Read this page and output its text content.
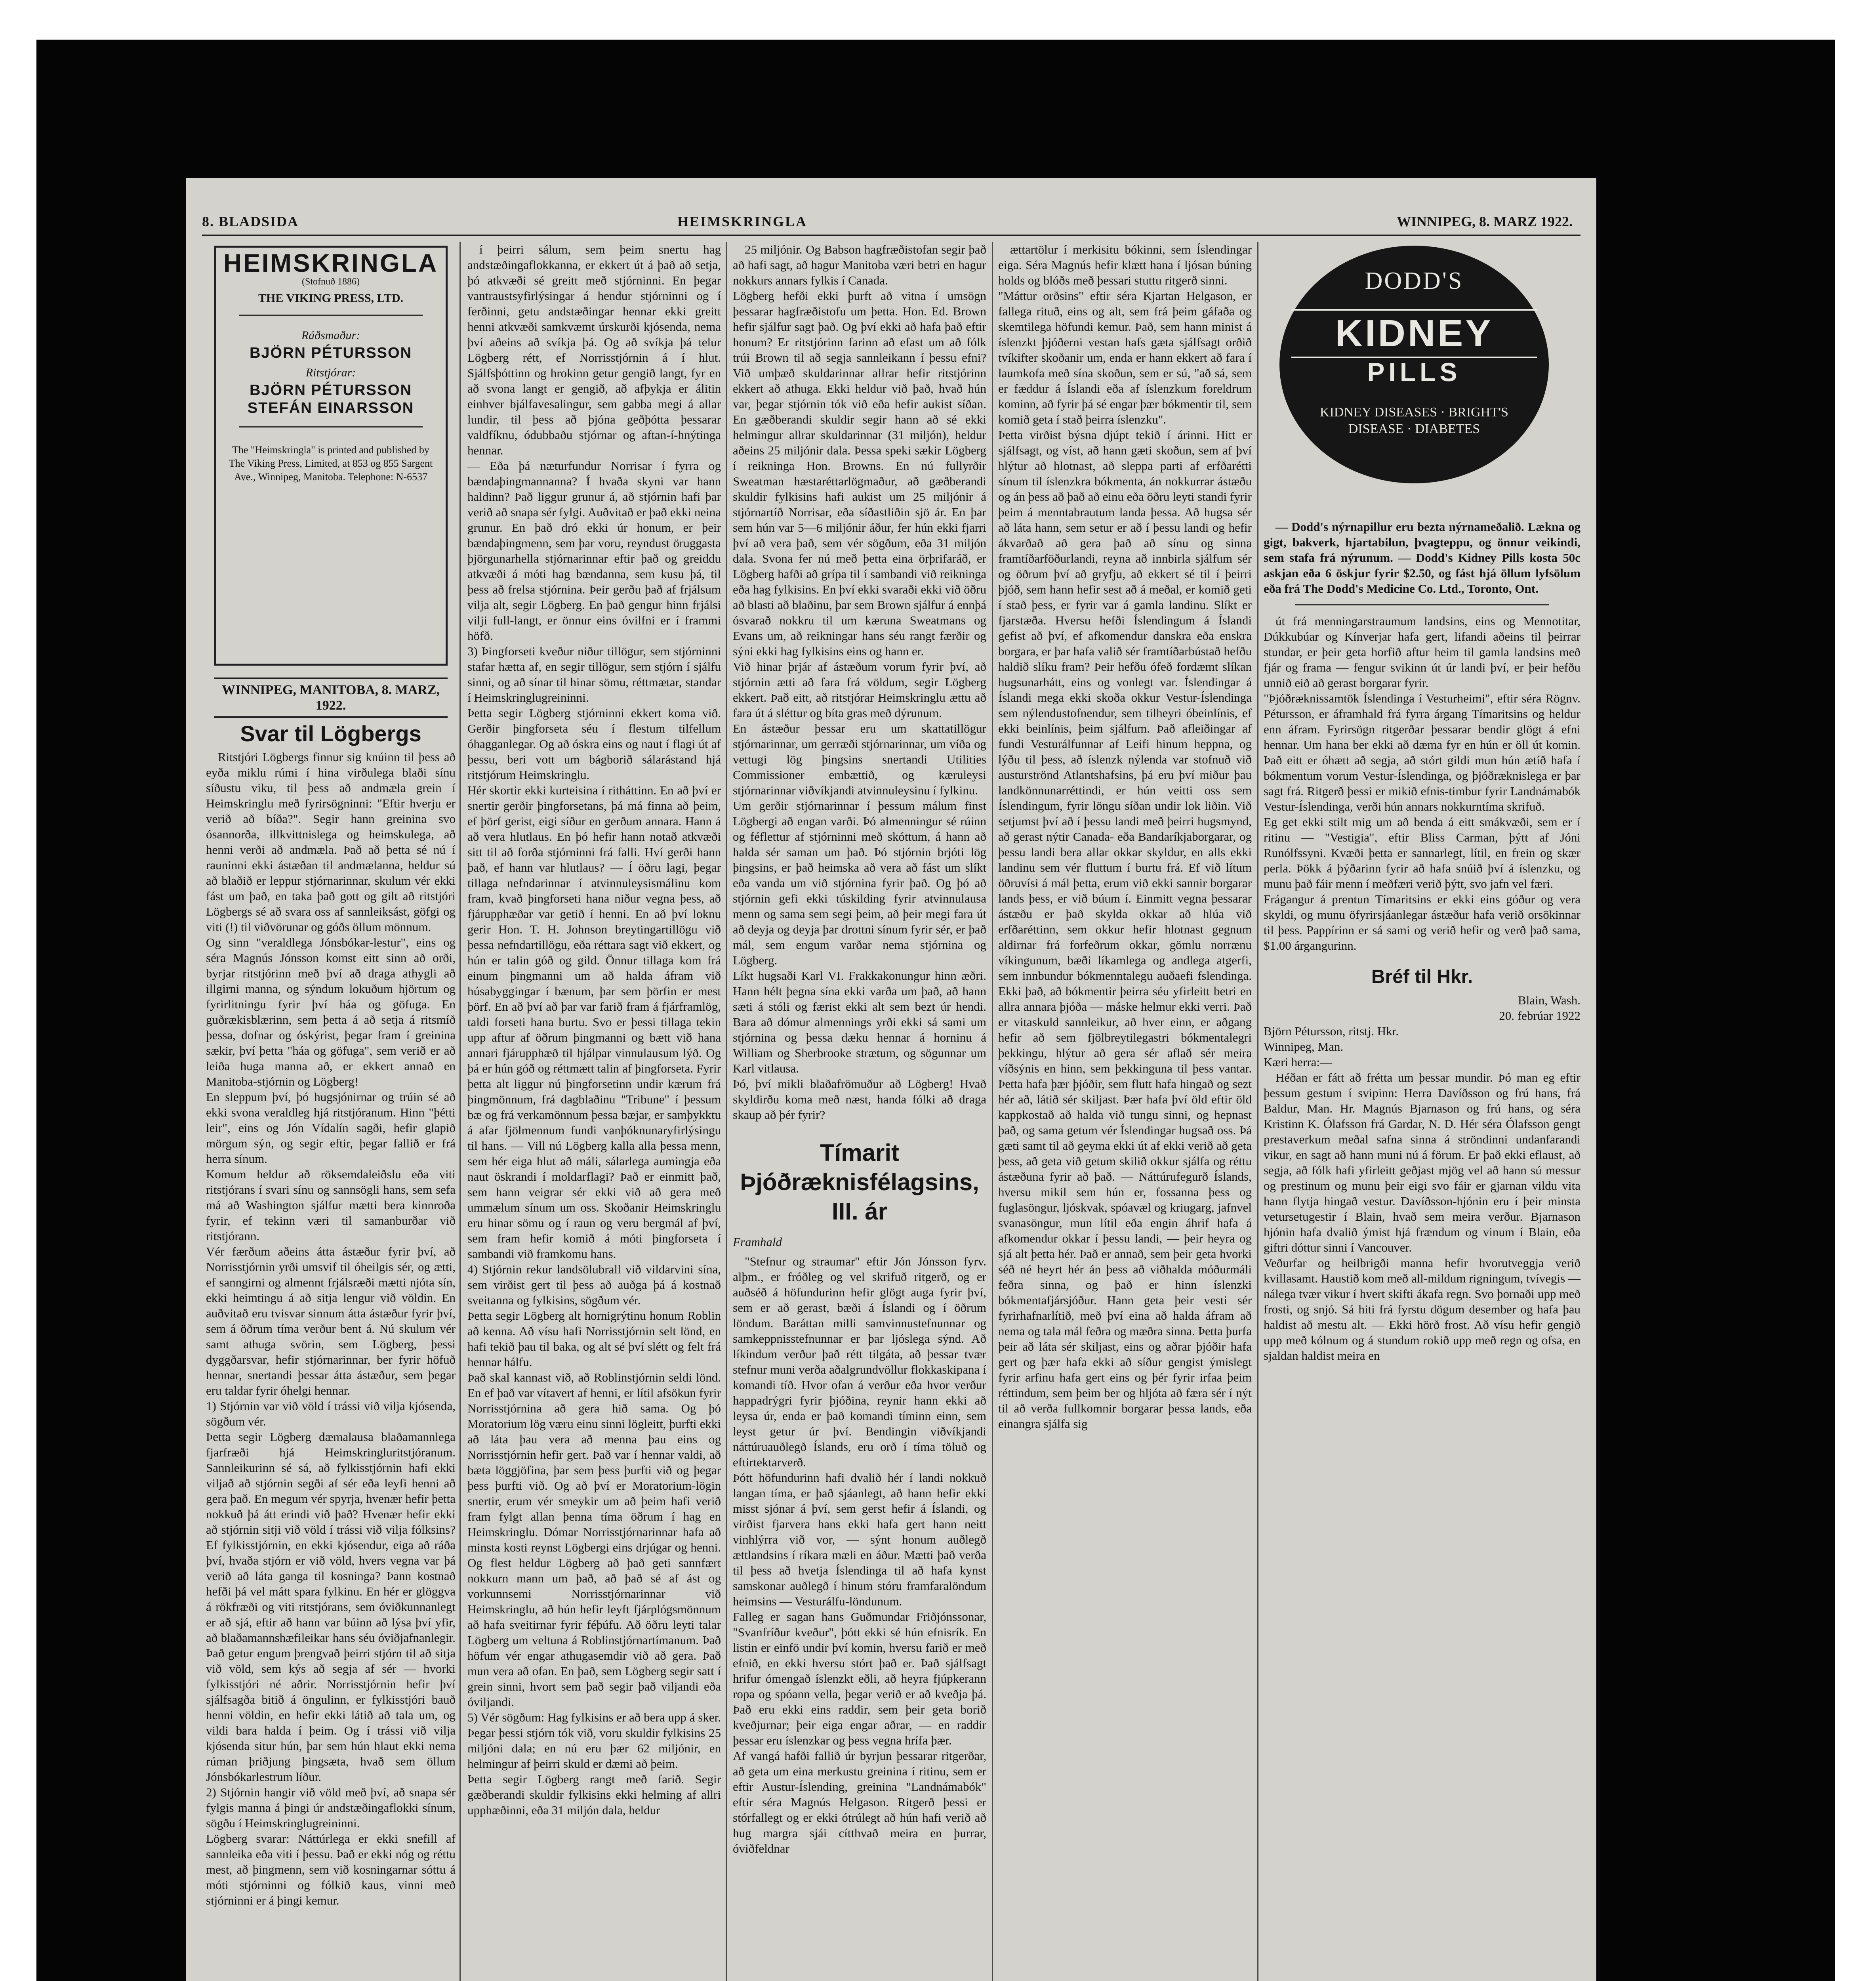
8. BLADSIDA	HEIMSKRINGLA	WINNIPEG, 8. MARZ 1922.
HEIMSKRINGLA
(Stofnuð 1886)
THE VIKING PRESS, LTD.
Ráðsmaður:
BJÖRN PÉTURSSON
Ritstjórar:
BJÖRN PÉTURSSON
STEFÁN EINARSSON
The "Heimskringla" is printed and published by The Viking Press, Limited, at 853 og 855 Sargent Ave., Winnipeg, Manitoba. Telephone: N-6537
WINNIPEG, MANITOBA, 8. MARZ, 1922.
Svar til Lögbergs

Ritstjóri Lögbergs finnur sig knúinn til þess að eyða miklu rúmi í hina virðulega blaði sínu síðustu viku, til þess að andmæla grein í Heimskringlu með fyrirsögninni: "Eftir hverju er verið að bíða?". Segir hann greinina svo ósannorða, illkvittnislega og heimskulega, að henni verði að andmæla. Það að þetta sé nú í rauninni ekki ástæðan til andmælanna, heldur sú að blaðið er leppur stjórnarinnar, skulum vér ekki fást um það, en taka það gott og gilt að ritstjóri Lögbergs sé að svara oss af sannleiksást, göfgi og viti (!) til viðvörunar og góðs öllum mönnum.
Og sinn "veraldlega Jónsbókar-lestur", eins og séra Magnús Jónsson komst eitt sinn að orði, byrjar ritstjórinn með því að draga athygli að illgirni manna, og sýndum lokuðum hjörtum og fyrirlitningu fyrir því háa og göfuga. En guðrækisblærinn, sem þetta á að setja á ritsmíð þessa, dofnar og óskýrist, þegar fram í greinina sækir, því þetta "háa og göfuga", sem verið er að leiða huga manna að, er ekkert annað en Manitoba-stjórnin og Lögberg!
En sleppum því, þó hugsjónirnar og trúin sé að ekki svona veraldleg hjá ritstjóranum. Hinn "þétti leir", eins og Jón Vídalín sagði, hefir glapið mörgum sýn, og segir eftir, þegar fallið er frá herra sínum.
Komum heldur að röksemdaleiðslu eða viti ritstjórans í svari sínu og sannsögli hans, sem sefa má að Washington sjálfur mætti bera kinnroða fyrir, ef tekinn væri til samanburðar við ritstjórann.
Vér færðum aðeins átta ástæður fyrir því, að Norrisstjórnin yrði umsvif til óheilgis sér, og ætti, ef sanngirni og almennt frjálsræði mætti njóta sín, ekki heimtingu á að sitja lengur við völdin. En auðvitað eru tvisvar sinnum átta ástæður fyrir því, sem á öðrum tíma verður bent á. Nú skulum vér samt athuga svörin, sem Lögberg, þessi dyggðarsvar, hefir stjórnarinnar, ber fyrir höfuð hennar, snertandi þessar átta ástæður, sem þegar eru taldar fyrir óhelgi hennar.
1) Stjórnin var við völd í trássi við vilja kjósenda, sögðum vér.
Þetta segir Lögberg dæmalausa blaðamannlega fjarfræði hjá Heimskringluritstjóranum. Sannleikurinn sé sá, að fylkisstjórnin hafi ekki viljað að stjórnin segði af sér eða leyfi henni að gera það. En megum vér spyrja, hvenær hefir þetta nokkuð þá átt erindi við það? Hvenær hefir ekki að stjórnin sitji við völd í trássi við vilja fólksins? Ef fylkisstjórnin, en ekki kjósendur, eiga að ráða því, hvaða stjórn er við völd, hvers vegna var þá verið að láta ganga til kosninga? Þann kostnað hefði þá vel mátt spara fylkinu. En hér er glöggva á rökfræði og viti ritstjórans, sem óviðkunnanlegt er að sjá, eftir að hann var búinn að lýsa því yfir, að blaðamannshæfileikar hans séu óviðjafnanlegir. Það getur engum þrengvað þeirri stjórn til að sitja við völd, sem kýs að segja af sér — hvorki fylkisstjóri né aðrir. Norrisstjórnin hefir því sjálfsagða bitið á öngulinn, er fylkisstjóri bauð henni völdin, en hefir ekki látið að tala um, og vildi bara halda í þeim. Og í trássi við vilja kjósenda situr hún, þar sem hún hlaut ekki nema rúman þriðjung þingsæta, hvað sem öllum Jónsbókarlestrum líður.
2) Stjórnin hangir við völd með því, að snapa sér fylgis manna á þingi úr andstæðingaflokki sínum, sögðu í Heimskringlugreininni.
Lögberg svarar: Náttúrlega er ekki snefill af sannleika eða viti í þessu. Það er ekki nóg og réttu mest, að þingmenn, sem við kosningarnar sóttu á móti stjórninni og fólkið kaus, vinni með stjórninni er á þingi kemur.

í þeirri sálum, sem þeim snertu hag andstæðingaflokkanna, er ekkert út á það að setja, þó atkvæði sé greitt með stjórninni. En þegar vantraustsyfirlýsingar á hendur stjórninni og í ferðinni, getu andstæðingar hennar ekki greitt henni atkvæði samkvæmt úrskurði kjósenda, nema því aðeins að svíkja þá. Og að svíkja þá telur Lögberg rétt, ef Norrisstjórnin á í hlut. Sjálfsþóttinn og hrokinn getur gengið langt, fyr en að svona langt er gengið, að afþykja er álitin einhver bjálfavesalingur, sem gabba megi á allar lundir, til þess að þjóna geðþótta þessarar valdfíknu, ódubbaðu stjórnar og aftan-í-hnýtinga hennar.
— Eða þá næturfundur Norrisar í fyrra og bændaþingmannanna? Í hvaða skyni var hann haldinn? Það liggur grunur á, að stjórnin hafi þar verið að snapa sér fylgi. Auðvitað er það ekki neina grunur. En það dró ekki úr honum, er þeir bændaþingmenn, sem þar voru, reyndust öruggasta þjörgunarhella stjórnarinnar eftir það og greiddu atkvæði á móti hag bændanna, sem kusu þá, til þess að frelsa stjórnina. Þeir gerðu það af frjálsum vilja alt, segir Lögberg. En það gengur hinn frjálsi vilji full-langt, er önnur eins óvilfni er í frammi höfð.
3) Þingforseti kveður niður tillögur, sem stjórninni stafar hætta af, en segir tillögur, sem stjórn í sjálfu sinni, og að sínar til hinar sömu, réttmætar, standar í Heimskringlugreininni.
Þetta segir Lögberg stjórninni ekkert koma við. Gerðir þingforseta séu í flestum tilfellum óhagganlegar. Og að óskra eins og naut í flagi út af þessu, beri vott um bágborið sálarástand hjá ritstjórum Heimskringlu.
Hér skortir ekki kurteisina í ritháttinn. En að því er snertir gerðir þingforsetans, þá má finna að þeim, ef þörf gerist, eigi síður en gerðum annara. Hann á að vera hlutlaus. En þó hefir hann notað atkvæði sitt til að forða stjórninni frá falli. Hví gerði hann það, ef hann var hlutlaus? — Í öðru lagi, þegar tillaga nefndarinnar í atvinnuleysismálinu kom fram, kvað þingforseti hana niður vegna þess, að fjárupphæðar var getið í henni. En að því loknu gerir Hon. T. H. Johnson breytingartillögu við þessa nefndartillögu, eða réttara sagt við ekkert, og hún er talin góð og gild. Önnur tillaga kom frá einum þingmanni um að halda áfram við húsabyggingar í bænum, þar sem þörfin er mest þörf. En að því að þar var farið fram á fjárframlög, taldi forseti hana burtu. Svo er þessi tillaga tekin upp aftur af öðrum þingmanni og bætt við hana annari fjárupphæð til hjálpar vinnulausum lýð. Og þá er hún góð og réttmætt talin af þingforseta. Fyrir þetta alt liggur nú þingforsetinn undir kærum frá þingmönnum, frá dagblaðinu "Tribune" í þessum bæ og frá verkamönnum þessa bæjar, er samþykktu á afar fjölmennum fundi vanþóknunaryfirlýsingu til hans. — Vill nú Lögberg kalla alla þessa menn, sem hér eiga hlut að máli, sálarlega aumingja eða naut öskrandi í moldarflagi? Það er einmitt það, sem hann veigrar sér ekki við að gera með ummælum sínum um oss. Skoðanir Heimskringlu eru hinar sömu og í raun og veru bergmál af því, sem fram hefir komið á móti þingforseta í sambandi við framkomu hans.
4) Stjórnin rekur landsölubrall við vildarvini sína, sem virðist gert til þess að auðga þá á kostnað sveitanna og fylkisins, sögðum vér.
Þetta segir Lögberg alt hornigrýtinu honum Roblin að kenna. Að vísu hafi Norrisstjórnin selt lönd, en hafi tekið þau til baka, og alt sé því slétt og felt frá hennar hálfu.
Það skal kannast við, að Roblinstjórnin seldi lönd. En ef það var vítavert af henni, er lítil afsökun fyrir Norrisstjórnina að gera hið sama. Og þó Moratorium lög væru einu sinni lögleitt, þurfti ekki að láta þau vera að menna þau eins og Norrisstjórnin hefir gert. Það var í hennar valdi, að bæta löggjöfina, þar sem þess þurfti við og þegar þess þurfti við. Og að því er Moratorium-lögin snertir, erum vér smeykir um að þeim hafi verið fram fylgt allan þenna tíma öðrum í hag en Heimskringlu. Dómar Norrisstjórnarinnar hafa að minsta kosti reynst Lögbergi eins drjúgar og henni. Og flest heldur Lögberg að það geti sannfært nokkurn mann um það, að það sé af ást og vorkunnsemi Norrisstjórnarinnar við Heimskringlu, að hún hefir leyft fjárplógsmönnum að hafa sveitirnar fyrir féþúfu. Að öðru leyti talar Lögberg um veltuna á Roblinstjórnartímanum. Það höfum vér engar athugasemdir við að gera. Það mun vera að ofan. En það, sem Lögberg segir satt í grein sinni, hvort sem það segir það viljandi eða óviljandi.
5) Vér sögðum: Hag fylkisins er að bera upp á sker. Þegar þessi stjórn tók við, voru skuldir fylkisins 25 miljóni dala; en nú eru þær 62 miljónir, en helmingur af þeirri skuld er dæmi að þeim.
Þetta segir Lögberg rangt með farið. Segir gæðberandi skuldir fylkisins ekki helming af allri upphæðinni, eða 31 miljón dala, heldur

25 miljónir. Og Babson hagfræðistofan segir það að hafi sagt, að hagur Manitoba væri betri en hagur nokkurs annars fylkis í Canada.
Lögberg hefði ekki þurft að vitna í umsögn þessarar hagfræðistofu um þetta. Hon. Ed. Brown hefir sjálfur sagt það. Og því ekki að hafa það eftir honum? Er ritstjórinn farinn að efast um að fólk trúi Brown til að segja sannleikann í þessu efni? Við umþæð skuldarinnar allrar hefir ritstjórinn ekkert að athuga. Ekki heldur við það, hvað hún var, þegar stjórnin tók við eða hefir aukist síðan. En gæðberandi skuldir segir hann að sé ekki helmingur allrar skuldarinnar (31 miljón), heldur aðeins 25 miljónir dala. Þessa speki sækir Lögberg í reikninga Hon. Browns. En nú fullyrðir Sweatman hæstaréttarlögmaður, að gæðberandi skuldir fylkisins hafi aukist um 25 miljónir á stjórnartíð Norrisar, eða síðastliðin sjö ár. En þar sem hún var 5—6 miljónir áður, fer hún ekki fjarri því að vera það, sem vér sögðum, eða 31 miljón dala. Svona fer nú með þetta eina örþrifaráð, er Lögberg hafði að grípa til í sambandi við reikninga eða hag fylkisins. En því ekki svaraði ekki við öðru að blasti að blaðinu, þar sem Brown sjálfur á ennþá ósvarað nokkru til um kæruna Sweatmans og Evans um, að reikningar hans séu rangt færðir og sýni ekki hag fylkisins eins og hann er.
Við hinar þrjár af ástæðum vorum fyrir því, að stjórnin ætti að fara frá völdum, segir Lögberg ekkert. Það eitt, að ritstjórar Heimskringlu ættu að fara út á sléttur og bíta gras með dýrunum.
En ástæður þessar eru um skattatillögur stjórnarinnar, um gerræði stjórnarinnar, um víða og vettugi lög þingsins snertandi Utilities Commissioner embættið, og kæruleysi stjórnarinnar viðvíkjandi atvinnuleysinu í fylkinu.
Um gerðir stjórnarinnar í þessum málum finst Lögbergi að engan varði. Þó almenningur sé rúinn og féflettur af stjórninni með skóttum, á hann að halda sér saman um það. Þó stjórnin brjóti lög þingsins, er það heimska að vera að fást um slíkt eða vanda um við stjórnina fyrir það. Og þó að stjórnin gefi ekki túskilding fyrir atvinnulausa menn og sama sem segi þeim, að þeir megi fara út að deyja og deyja þar drottni sínum fyrir sér, er það mál, sem engum varðar nema stjórnina og Lögberg.
Líkt hugsaði Karl VI. Frakkakonungur hinn æðri. Hann hélt þegna sína ekki varða um það, að hann sæti á stóli og færist ekki alt sem bezt úr hendi. Bara að dómur almennings yrði ekki sá sami um stjórnina og þessa dæku hennar á horninu á William og Sherbrooke strætum, og sögunnar um Karl vitlausa.
Þó, því mikli blaðafrömuður að Lögberg! Hvað skyldirðu koma með næst, handa fólki að draga skaup að þér fyrir?

Tímarit Þjóðræknisfélagsins, III. ár

Framhald

"Stefnur og straumar" eftir Jón Jónsson fyrv. alþm., er fróðleg og vel skrifuð ritgerð, og er auðséð á höfundurinn hefir glögt auga fyrir því, sem er að gerast, bæði á Íslandi og í öðrum löndum. Baráttan milli samvinnustefnunnar og samkeppnisstefnunnar er þar ljóslega sýnd. Að líkindum verður það rétt tilgáta, að þessar tvær stefnur muni verða aðalgrundvöllur flokkaskipana í komandi tíð. Hvor ofan á verður eða hvor verður happadrýgri fyrir þjóðina, reynir hann ekki að leysa úr, enda er það komandi tíminn einn, sem leyst getur úr því. Bendingin viðvíkjandi náttúruauðlegð Íslands, eru orð í tíma töluð og eftirtektarverð.
Þótt höfundurinn hafi dvalið hér í landi nokkuð langan tíma, er það sjáanlegt, að hann hefir ekki misst sjónar á því, sem gerst hefir á Íslandi, og virðist fjarvera hans ekki hafa gert hann neitt vinhlýrra við vor, — sýnt honum auðlegð ættlandsins í ríkara mæli en áður. Mætti það verða til þess að hvetja Íslendinga til að hafa kynst samskonar auðlegð í hinum stóru framfaralöndum heimsins — Vesturálfu-löndunum.
Falleg er sagan hans Guðmundar Friðjónssonar, "Svanfríður kveður", þótt ekki sé hún efnisrík. En listin er einfö undir því komin, hversu farið er með efnið, en ekki hversu stórt það er. Það sjálfsagt hrifur ómengað íslenzkt eðli, að heyra fjúpkerann ropa og spóann vella, þegar verið er að kveðja þá. Það eru ekki eins raddir, sem þeir geta borið kveðjurnar; þeir eiga engar aðrar, — en raddir þessar eru íslenzkar og þess vegna hrífa þær.
Af vangá hafði fallið úr byrjun þessarar ritgerðar, að geta um eina merkustu greinina í ritinu, sem er eftir Austur-Íslending, greinina "Landnámabók" eftir séra Magnús Helgason. Ritgerð þessi er stórfallegt og er ekki ótrúlegt að hún hafi verið að hug margra sjái cítthvað meira en þurrar, óviðfeldnar

ættartölur í merkisitu bókinni, sem Íslendingar eiga. Séra Magnús hefir klætt hana í ljósan búning holds og blóðs með þessari stuttu ritgerð sinni.
"Máttur orðsins" eftir séra Kjartan Helgason, er fallega rituð, eins og alt, sem frá þeim gáfaða og skemtilega höfundi kemur. Það, sem hann minist á íslenzkt þjóðerni vestan hafs gæta sjálfsagt orðið tvíkifter skoðanir um, enda er hann ekkert að fara í laumkofa með sína skoðun, sem er sú, "að sá, sem er fæddur á Íslandi eða af íslenzkum foreldrum kominn, að fyrir þá sé engar þær bókmentir til, sem komið geta í stað þeirra íslenzku".
Þetta virðist býsna djúpt tekið í árinni. Hitt er sjálfsagt, og víst, að hann gæti skoðun, sem af því hlýtur að hlotnast, að sleppa parti af erfðarétti sínum til íslenzkra bókmenta, án nokkurrar ástæðu og án þess að það að einu eða öðru leyti standi fyrir þeim á menntabrautum landa þessa. Að hugsa sér að láta hann, sem setur er að í þessu landi og hefir ákvarðað að gera það að sínu og sinna framtíðarföðurlandi, reyna að innbirla sjálfum sér og öðrum því að gryfju, að ekkert sé til í þeirri þjóð, sem hann hefir sest að á meðal, er komið geti í stað þess, er fyrir var á gamla landinu. Slíkt er fjarstæða. Hversu hefði Íslendingum á Íslandi gefist að því, ef afkomendur danskra eða enskra borgara, er þar hafa valið sér framtíðarbústað hefðu haldið slíku fram? Þeir hefðu ófeð fordæmt slíkan hugsunarhátt, eins og vonlegt var. Íslendingar á Íslandi mega ekki skoða okkur Vestur-Íslendinga sem nýlendustofnendur, sem tilheyri óbeinlínis, ef ekki beinlínis, þeim sjálfum. Það afleiðingar af fundi Vesturálfunnar af Leifi hinum heppna, og lýðu til þess, að íslenzk nýlenda var stofnuð við austurströnd Atlantshafsins, þá eru því miður þau landkönnunarréttindi, er hún veitti oss sem Íslendingum, fyrir löngu síðan undir lok liðin. Við setjumst því að í þessu landi með þeirri hugsmynd, að gerast nýtir Canada- eða Bandaríkjaborgarar, og þessu landi bera allar okkar skyldur, en alls ekki landinu sem vér fluttum í burtu frá. Ef við lítum öðruvísi á mál þetta, erum við ekki sannir borgarar lands þess, er við búum í. Einmitt vegna þessarar ástæðu er það skylda okkar að hlúa við erfðaréttinn, sem okkur hefir hlotnast gegnum aldirnar frá forfeðrum okkar, gömlu norrænu víkingunum, bæði líkamlega og andlega atgerfi, sem innbundur bókmenntalegu auðaefi fslendinga. Ekki það, að bókmentir þeirra séu yfirleitt betri en allra annara þjóða — máske helmur ekki verri. Það er vitaskuld sannleikur, að hver einn, er aðgang hefir að sem fjölbreytilegastri bókmentalegri þekkingu, hlýtur að gera sér aflað sér meira víðsýnis en hinn, sem þekkinguna til þess vantar. Þetta hafa þær þjóðir, sem flutt hafa hingað og sezt hér að, látið sér skiljast. Þær hafa því öld eftir öld kappkostað að halda við tungu sinni, og hepnast það, og sama getum vér Íslendingar hugsað oss. Þá gæti samt til að geyma ekki út af ekki verið að geta þess, að geta við getum skilið okkur sjálfa og réttu ástæðuna fyrir að það. — Náttúrufegurð Íslands, hversu mikil sem hún er, fossanna þess og fuglasöngur, ljóskvak, spóavæl og kriugarg, jafnvel svanasöngur, mun lítil eða engin áhrif hafa á afkomendur okkar í þessu landi, — þeir heyra og sjá alt þetta hér. Það er annað, sem þeir geta hvorki séð né heyrt hér án þess að viðhalda móðurmáli feðra sinna, og það er hinn íslenzki bókmentafjársjóður. Hann geta þeir vesti sér fyrirhafnarlítið, með því eina að halda áfram að nema og tala mál feðra og mæðra sinna. Þetta þurfa þeir að láta sér skiljast, eins og aðrar þjóðir hafa gert og þær hafa ekki að síður gengist ýmislegt fyrir arfinu hafa gert eins og þér fyrir irfaa þeim réttindum, sem þeim ber og hljóta að færa sér í nýt til að verða fullkomnir borgarar þessa lands, eða einangra sjálfa sig

DODD'S
KIDNEY
PILLS
KIDNEY DISEASES · BRIGHT'S DISEASE · DIABETES

— Dodd's nýrnapillur eru bezta nýrnameðalið. Lækna og gigt, bakverk, hjartabilun, þvagteppu, og önnur veikindi, sem stafa frá nýrunum. — Dodd's Kidney Pills kosta 50c askjan eða 6 öskjur fyrir $2.50, og fást hjá öllum lyfsölum eða frá The Dodd's Medicine Co. Ltd., Toronto, Ont.

út frá menningarstraumum landsins, eins og Mennotitar, Dúkkubúar og Kínverjar hafa gert, lifandi aðeins til þeirrar stundar, er þeir geta horfið aftur heim til gamla landsins með fjár og frama — fengur svikinn út úr landi því, er þeir hefðu unnið eið að gerast borgarar fyrir.
"Þjóðræknissamtök Íslendinga í Vesturheimi", eftir séra Rögnv. Pétursson, er áframhald frá fyrra árgang Tímaritsins og heldur enn áfram. Fyrirsögn ritgerðar þessarar bendir glögt á efni hennar. Um hana ber ekki að dæma fyr en hún er öll út komin. Það eitt er óhætt að segja, að stórt gildi mun hún ætíð hafa í bókmentum vorum Vestur-Íslendinga, og þjóðræknislega er þar sagt frá. Ritgerð þessi er mikið efnis-timbur fyrir Landnámabók Vestur-Íslendinga, verði hún annars nokkurntíma skrifuð.
Eg get ekki stilt mig um að benda á eitt smákvæði, sem er í ritinu — "Vestigia", eftir Bliss Carman, þýtt af Jóni Runólfssyni. Kvæði þetta er sannarlegt, lítil, en frein og skær perla. Þökk á þýðarinn fyrir að hafa snúið því á íslenzku, og munu það fáir menn í meðfæri verið þýtt, svo jafn vel færi.
Frágangur á prentun Tímaritsins er ekki eins góður og vera skyldi, og munu öfyrirsjáanlegar ástæður hafa verið orsökinnar til þess. Pappírinn er sá sami og verið hefir og verð það sama, $1.00 árgangurinn.

Bréf til Hkr.

Blain, Wash.

20. febrúar 1922

Björn Pétursson, ritstj. Hkr.
Winnipeg, Man.
Kæri herra:—

Héðan er fátt að frétta um þessar mundir. Þó man eg eftir þessum gestum í svipinn: Herra Davíðsson og frú hans, frá Baldur, Man. Hr. Magnús Bjarnason og frú hans, og séra Kristinn K. Ólafsson frá Gardar, N. D. Hér séra Ólafsson gengt prestaverkum meðal safna sinna á ströndinni undanfarandi vikur, en sagt að hann muni nú á förum. Er það ekki eflaust, að segja, að fólk hafi yfirleitt geðjast mjög vel að hann sú messur og prestinum og munu þeir eigi svo fáir er gjarnan vildu vita hann flytja hingað vestur. Davíðsson-hjónin eru í þeir minsta vetursetugestir í Blain, hvað sem meira verður. Bjarnason hjónin hafa dvalið ýmist hjá frændum og vinum í Blain, eða giftri dóttur sinni í Vancouver.
Veðurfar og heilbrigði manna hefir hvorutveggja verið kvillasamt. Haustið kom með all-mildum rigningum, tvívegis — nálega tvær vikur í hvert skifti ákafa regn. Svo þornaði upp með frosti, og snjó. Sá hiti frá fyrstu dögum desember og hafa þau haldist að mestu alt. — Ekki hörð frost. Að vísu hefir gengið upp með kólnum og á stundum rokið upp með regn og ofsa, en sjaldan haldist meira en
